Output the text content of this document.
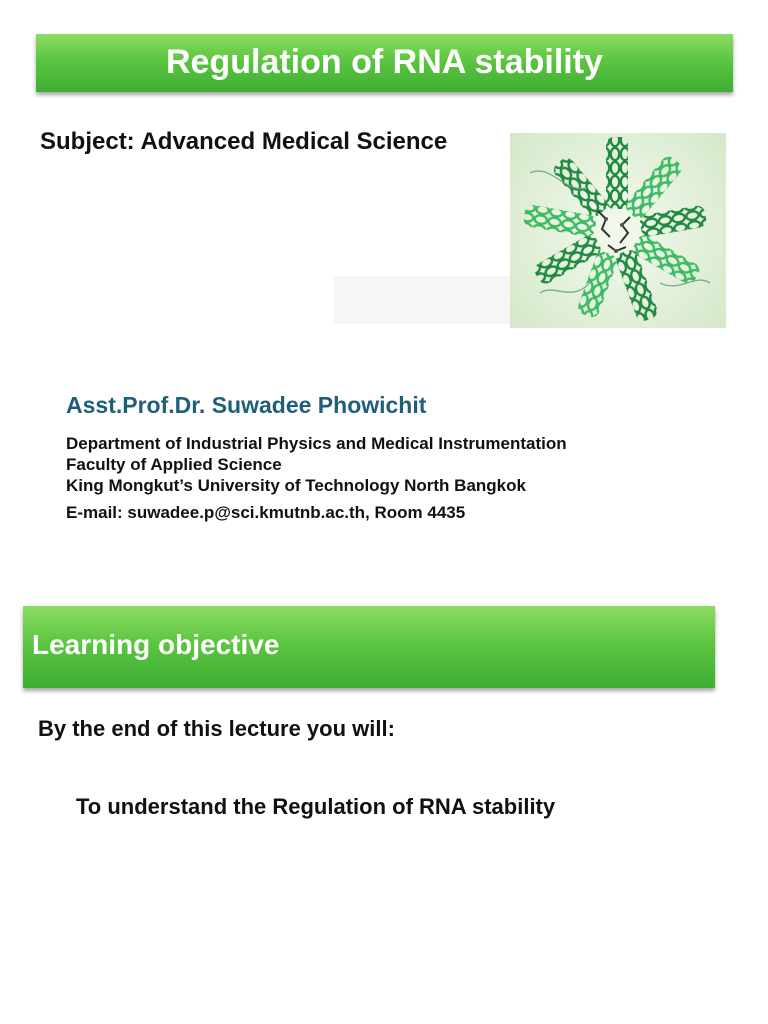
Regulation of RNA stability
Subject: Advanced Medical Science
Asst.Prof.Dr. Suwadee Phowichit
Department of Industrial Physics and Medical Instrumentation
Faculty of Applied Science
King Mongkut’s University of Technology North Bangkok
E-mail: suwadee.p@sci.kmutnb.ac.th, Room 4435
Learning objective
By the end of this lecture you will:
To understand the Regulation of RNA stability
